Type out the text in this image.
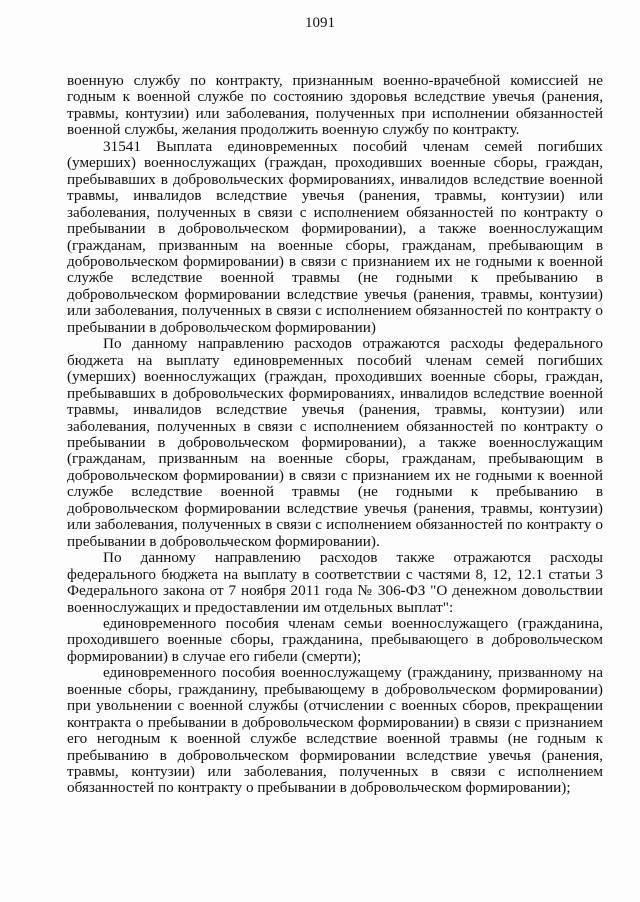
1091

военную службу по контракту, признанным военно-врачебной комиссией не годным к военной службе по состоянию здоровья вследствие увечья (ранения, травмы, контузии) или заболевания, полученных при исполнении обязанностей военной службы, желания продолжить военную службу по контракту.

31541 Выплата единовременных пособий членам семей погибших (умерших) военнослужащих (граждан, проходивших военные сборы, граждан, пребывавших в добровольческих формированиях, инвалидов вследствие военной травмы, инвалидов вследствие увечья (ранения, травмы, контузии) или заболевания, полученных в связи с исполнением обязанностей по контракту о пребывании в добровольческом формировании), а также военнослужащим (гражданам, призванным на военные сборы, гражданам, пребывающим в добровольческом формировании) в связи с признанием их не годными к военной службе вследствие военной травмы (не годными к пребыванию в добровольческом формировании вследствие увечья (ранения, травмы, контузии) или заболевания, полученных в связи с исполнением обязанностей по контракту о пребывании в добровольческом формировании)

По данному направлению расходов отражаются расходы федерального бюджета на выплату единовременных пособий членам семей погибших (умерших) военнослужащих (граждан, проходивших военные сборы, граждан, пребывавших в добровольческих формированиях, инвалидов вследствие военной травмы, инвалидов вследствие увечья (ранения, травмы, контузии) или заболевания, полученных в связи с исполнением обязанностей по контракту о пребывании в добровольческом формировании), а также военнослужащим (гражданам, призванным на военные сборы, гражданам, пребывающим в добровольческом формировании) в связи с признанием их не годными к военной службе вследствие военной травмы (не годными к пребыванию в добровольческом формировании вследствие увечья (ранения, травмы, контузии) или заболевания, полученных в связи с исполнением обязанностей по контракту о пребывании в добровольческом формировании).

По данному направлению расходов также отражаются расходы федерального бюджета на выплату в соответствии с частями 8, 12, 12.1 статьи 3 Федерального закона от 7 ноября 2011 года № 306-ФЗ "О денежном довольствии военнослужащих и предоставлении им отдельных выплат":

единовременного пособия членам семьи военнослужащего (гражданина, проходившего военные сборы, гражданина, пребывающего в добровольческом формировании) в случае его гибели (смерти);

единовременного пособия военнослужащему (гражданину, призванному на военные сборы, гражданину, пребывающему в добровольческом формировании) при увольнении с военной службы (отчислении с военных сборов, прекращении контракта о пребывании в добровольческом формировании) в связи с признанием его негодным к военной службе вследствие военной травмы (не годным к пребыванию в добровольческом формировании вследствие увечья (ранения, травмы, контузии) или заболевания, полученных в связи с исполнением обязанностей по контракту о пребывании в добровольческом формировании);
